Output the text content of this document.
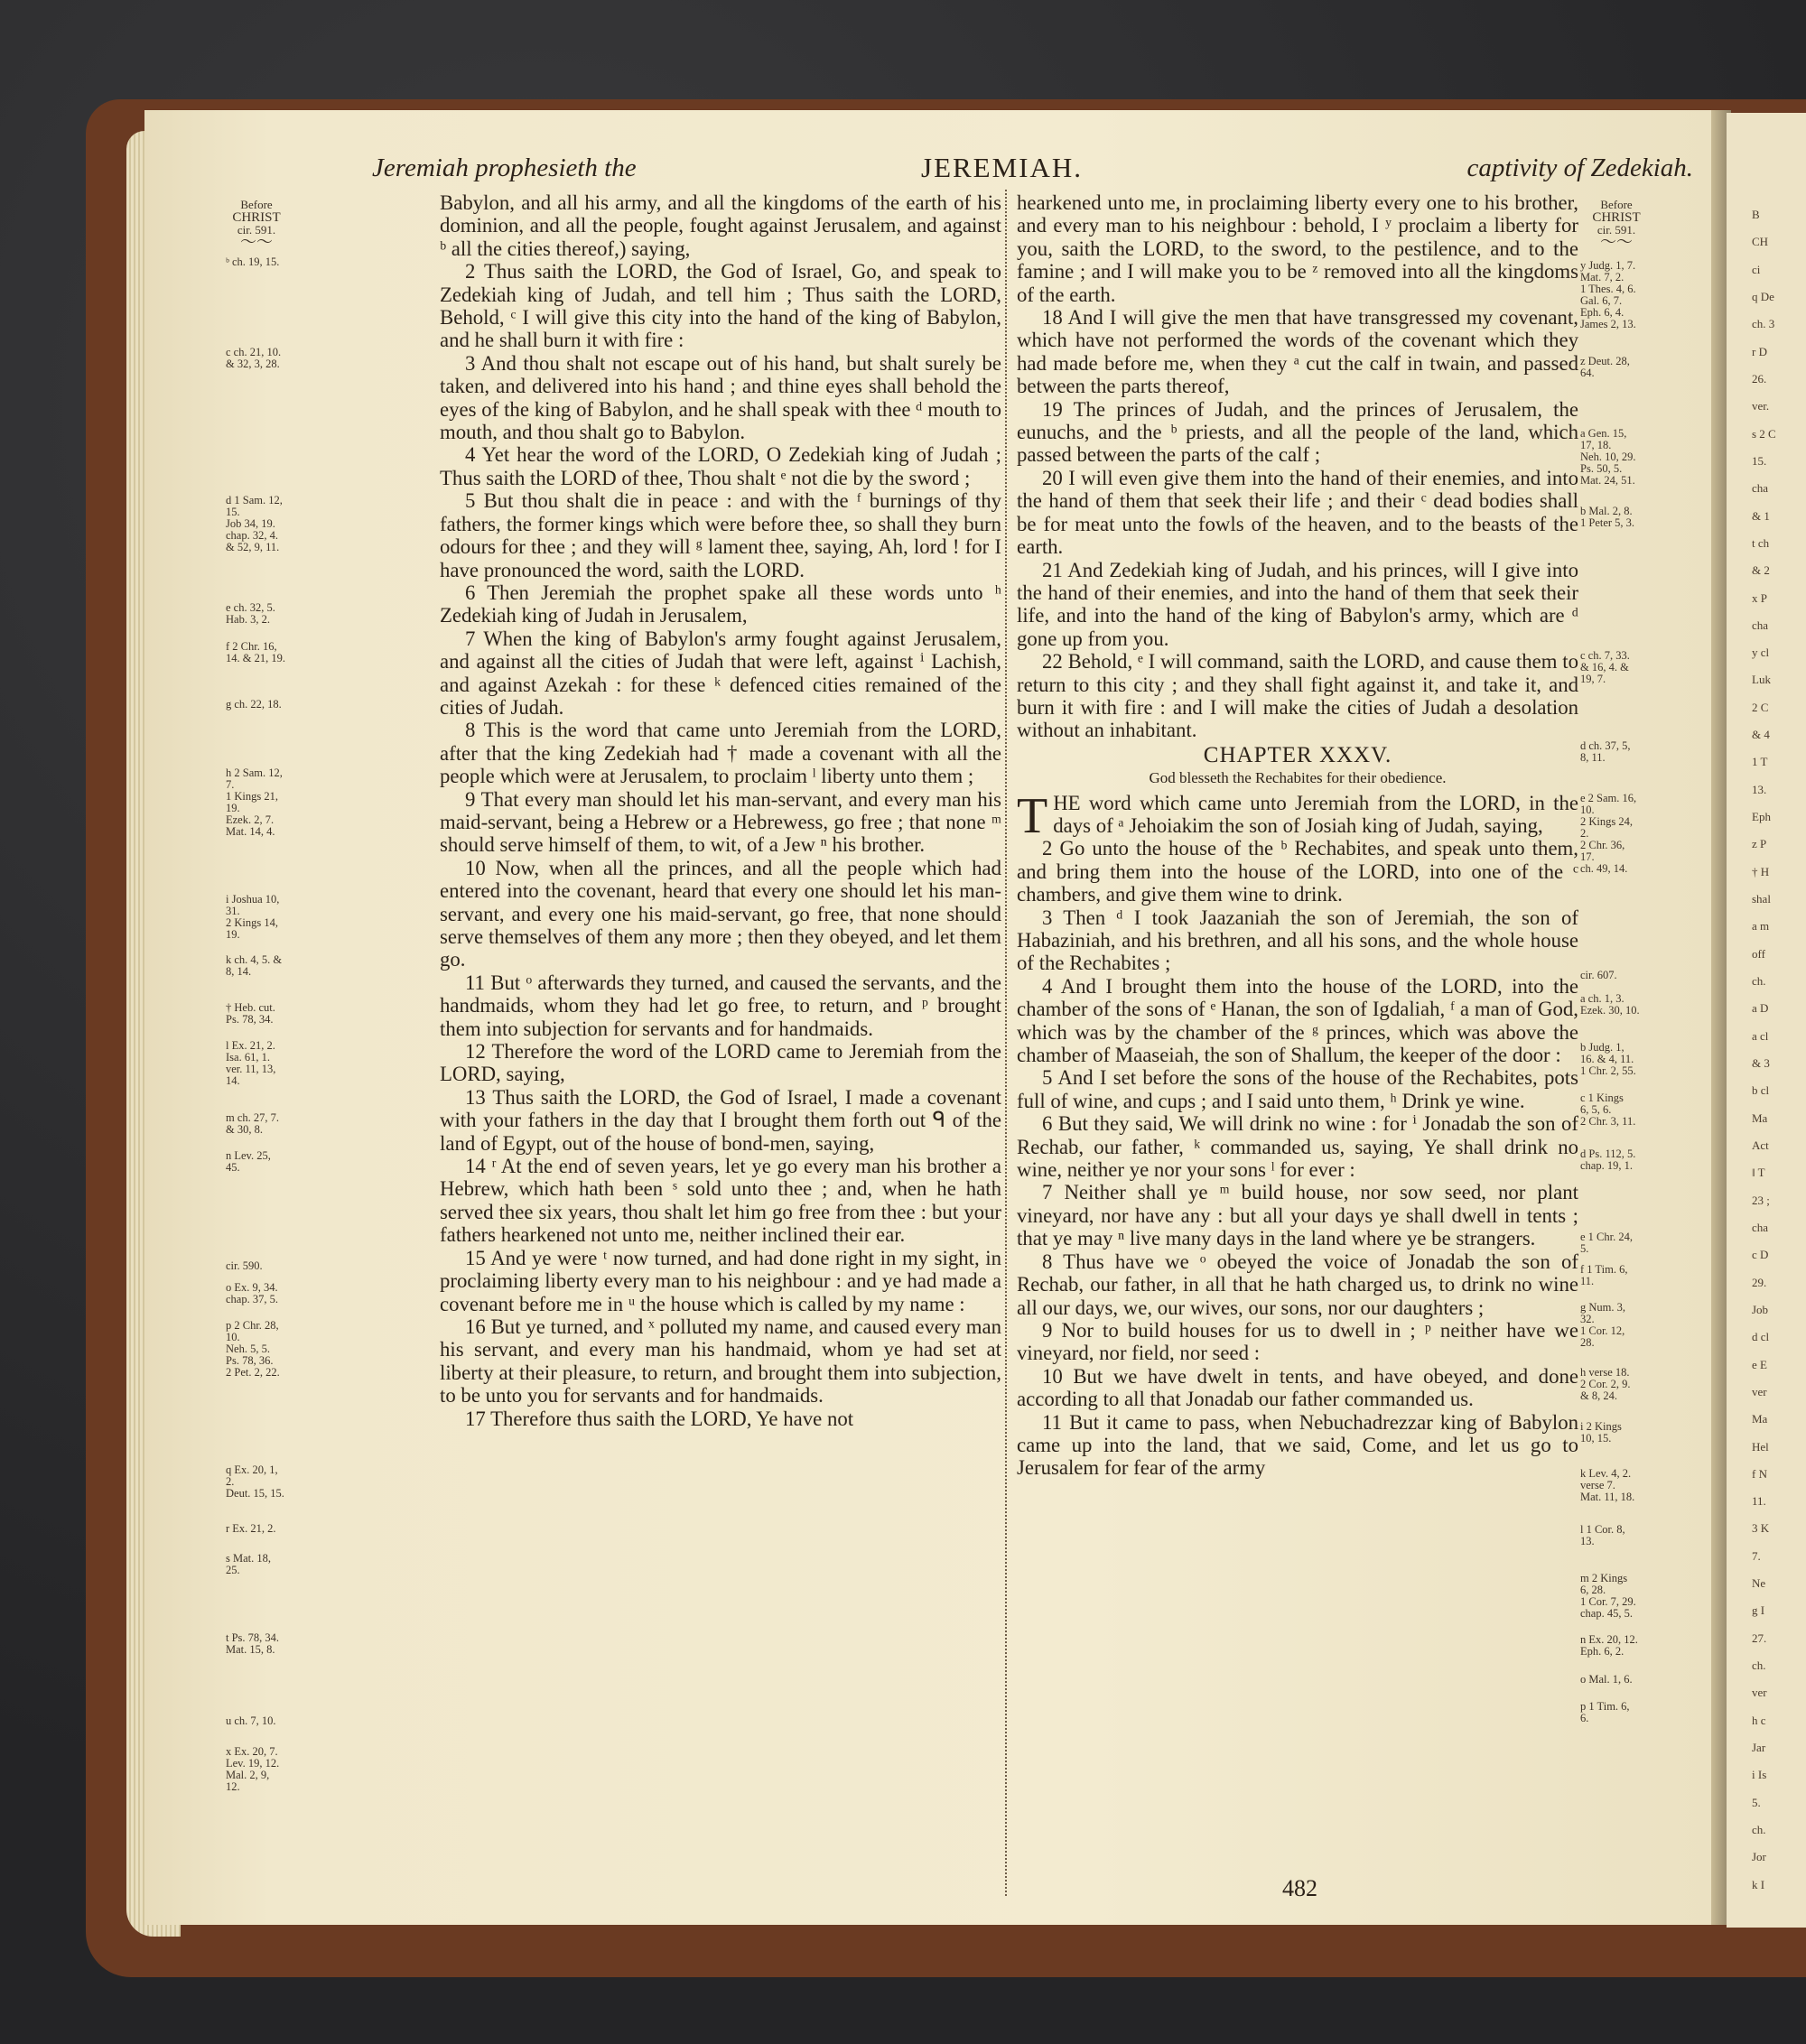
Jeremiah prophesieth the	JEREMIAH.	captivity of Zedekiah.
Before
CHRIST
cir. 591.
〜〜
Before
CHRIST
cir. 591.
〜〜
ᵇ ch. 19, 15.
c ch. 21, 10.
& 32, 3, 28.
d 1 Sam. 12,
15.
Job 34, 19.
chap. 32, 4.
& 52, 9, 11.
e ch. 32, 5.
Hab. 3, 2.
f 2 Chr. 16,
14. & 21, 19.
g ch. 22, 18.
h 2 Sam. 12,
7.
1 Kings 21,
19.
Ezek. 2, 7.
Mat. 14, 4.
i Joshua 10,
31.
2 Kings 14,
19.
k ch. 4, 5. &
8, 14.
† Heb. cut.
Ps. 78, 34.
l Ex. 21, 2.
Isa. 61, 1.
ver. 11, 13,
14.
m ch. 27, 7.
& 30, 8.
n Lev. 25,
45.
cir. 590.
o Ex. 9, 34.
chap. 37, 5.
p 2 Chr. 28,
10.
Neh. 5, 5.
Ps. 78, 36.
2 Pet. 2, 22.
q Ex. 20, 1,
2.
Deut. 15, 15.
r Ex. 21, 2.
s Mat. 18,
25.
t Ps. 78, 34.
Mat. 15, 8.
u ch. 7, 10.
x Ex. 20, 7.
Lev. 19, 12.
Mal. 2, 9,
12.

Babylon, and all his army, and all the kingdoms of the earth of his dominion, and all the people, fought against Jerusalem, and against ᵇ all the cities thereof,) saying,

2 Thus saith the LORD, the God of Israel, Go, and speak to Zedekiah king of Judah, and tell him ; Thus saith the LORD, Behold, ᶜ I will give this city into the hand of the king of Babylon, and he shall burn it with fire :

3 And thou shalt not escape out of his hand, but shalt surely be taken, and delivered into his hand ; and thine eyes shall behold the eyes of the king of Babylon, and he shall speak with thee ᵈ mouth to mouth, and thou shalt go to Babylon.

4 Yet hear the word of the LORD, O Zedekiah king of Judah ; Thus saith the LORD of thee, Thou shalt ᵉ not die by the sword ;

5 But thou shalt die in peace : and with the ᶠ burnings of thy fathers, the former kings which were before thee, so shall they burn odours for thee ; and they will ᵍ lament thee, saying, Ah, lord ! for I have pronounced the word, saith the LORD.

6 Then Jeremiah the prophet spake all these words unto ʰ Zedekiah king of Judah in Jerusalem,

7 When the king of Babylon's army fought against Jerusalem, and against all the cities of Judah that were left, against ⁱ Lachish, and against Azekah : for these ᵏ defenced cities remained of the cities of Judah.

8 This is the word that came unto Jeremiah from the LORD, after that the king Zedekiah had † made a covenant with all the people which were at Jerusalem, to proclaim ˡ liberty unto them ;

9 That every man should let his man-servant, and every man his maid-servant, being a Hebrew or a Hebrewess, go free ; that none ᵐ should serve himself of them, to wit, of a Jew ⁿ his brother.

10 Now, when all the princes, and all the people which had entered into the covenant, heard that every one should let his man-servant, and every one his maid-servant, go free, that none should serve themselves of them any more ; then they obeyed, and let them go.

11 But ᵒ afterwards they turned, and caused the servants, and the handmaids, whom they had let go free, to return, and ᵖ brought them into subjection for servants and for handmaids.

12 Therefore the word of the LORD came to Jeremiah from the LORD, saying,

13 Thus saith the LORD, the God of Israel, I made a covenant with your fathers in the day that I brought them forth out ᑫ of the land of Egypt, out of the house of bond-men, saying,

14 ʳ At the end of seven years, let ye go every man his brother a Hebrew, which hath been ˢ sold unto thee ; and, when he hath served thee six years, thou shalt let him go free from thee : but your fathers hearkened not unto me, neither inclined their ear.

15 And ye were ᵗ now turned, and had done right in my sight, in proclaiming liberty every man to his neighbour : and ye had made a covenant before me in ᵘ the house which is called by my name :

16 But ye turned, and ˣ polluted my name, and caused every man his servant, and every man his handmaid, whom ye had set at liberty at their pleasure, to return, and brought them into subjection, to be unto you for servants and for handmaids.

17 Therefore thus saith the LORD, Ye have not

hearkened unto me, in proclaiming liberty every one to his brother, and every man to his neighbour : behold, I ʸ proclaim a liberty for you, saith the LORD, to the sword, to the pestilence, and to the famine ; and I will make you to be ᶻ removed into all the kingdoms of the earth.

18 And I will give the men that have transgressed my covenant, which have not performed the words of the covenant which they had made before me, when they ᵃ cut the calf in twain, and passed between the parts thereof,

19 The princes of Judah, and the princes of Jerusalem, the eunuchs, and the ᵇ priests, and all the people of the land, which passed between the parts of the calf ;

20 I will even give them into the hand of their enemies, and into the hand of them that seek their life ; and their ᶜ dead bodies shall be for meat unto the fowls of the heaven, and to the beasts of the earth.

21 And Zedekiah king of Judah, and his princes, will I give into the hand of their enemies, and into the hand of them that seek their life, and into the hand of the king of Babylon's army, which are ᵈ gone up from you.

22 Behold, ᵉ I will command, saith the LORD, and cause them to return to this city ; and they shall fight against it, and take it, and burn it with fire : and I will make the cities of Judah a desolation without an inhabitant.

CHAPTER XXXV.
God blesseth the Rechabites for their obedience.

THE word which came unto Jeremiah from the LORD, in the days of ᵃ Jehoiakim the son of Josiah king of Judah, saying,

2 Go unto the house of the ᵇ Rechabites, and speak unto them, and bring them into the house of the LORD, into one of the ᶜ chambers, and give them wine to drink.

3 Then ᵈ I took Jaazaniah the son of Jeremiah, the son of Habaziniah, and his brethren, and all his sons, and the whole house of the Rechabites ;

4 And I brought them into the house of the LORD, into the chamber of the sons of ᵉ Hanan, the son of Igdaliah, ᶠ a man of God, which was by the chamber of the ᵍ princes, which was above the chamber of Maaseiah, the son of Shallum, the keeper of the door :

5 And I set before the sons of the house of the Rechabites, pots full of wine, and cups ; and I said unto them, ʰ Drink ye wine.

6 But they said, We will drink no wine : for ⁱ Jonadab the son of Rechab, our father, ᵏ commanded us, saying, Ye shall drink no wine, neither ye nor your sons ˡ for ever :

7 Neither shall ye ᵐ build house, nor sow seed, nor plant vineyard, nor have any : but all your days ye shall dwell in tents ; that ye may ⁿ live many days in the land where ye be strangers.

8 Thus have we ᵒ obeyed the voice of Jonadab the son of Rechab, our father, in all that he hath charged us, to drink no wine all our days, we, our wives, our sons, nor our daughters ;

9 Nor to build houses for us to dwell in ; ᵖ neither have we vineyard, nor field, nor seed :

10 But we have dwelt in tents, and have obeyed, and done according to all that Jonadab our father commanded us.

11 But it came to pass, when Nebuchadrezzar king of Babylon came up into the land, that we said, Come, and let us go to Jerusalem for fear of the army

y Judg. 1, 7.
Mat. 7, 2.
1 Thes. 4, 6.
Gal. 6, 7.
Eph. 6, 4.
James 2, 13.
z Deut. 28,
64.
a Gen. 15,
17, 18.
Neh. 10, 29.
Ps. 50, 5.
Mat. 24, 51.
b Mal. 2, 8.
1 Peter 5, 3.
c ch. 7, 33.
& 16, 4. &
19, 7.
d ch. 37, 5,
8, 11.
e 2 Sam. 16,
10.
2 Kings 24,
2.
2 Chr. 36,
17.
ch. 49, 14.
cir. 607.
a ch. 1, 3.
Ezek. 30, 10.
b Judg. 1,
16. & 4, 11.
1 Chr. 2, 55.
c 1 Kings
6, 5, 6.
2 Chr. 3, 11.
d Ps. 112, 5.
chap. 19, 1.
e 1 Chr. 24,
5.
f 1 Tim. 6,
11.
g Num. 3,
32.
1 Cor. 12,
28.
h verse 18.
2 Cor. 2, 9.
& 8, 24.
i 2 Kings
10, 15.
k Lev. 4, 2.
verse 7.
Mat. 11, 18.
l 1 Cor. 8,
13.
m 2 Kings
6, 28.
1 Cor. 7, 29.
chap. 45, 5.
n Ex. 20, 12.
Eph. 6, 2.
o Mal. 1, 6.
p 1 Tim. 6,
6.
482
B
CH
ci
q De
ch. 3
r D
26.
ver.
s 2 C
15.
cha
& 1
t ch
& 2
x P
cha
y cl
Luk
2 C
& 4
1 T
13.
Eph
z P
† H
shal
a m
off
ch.
a D
a cl
& 3
b cl
Ma
Act
‖ T
23 ;
cha
c D
29.
Job
d cl
e E
ver
Ma
Hel
f N
11.
3 K
7.
Ne
g I
27.
ch.
ver
h c
Jar
i Is
5.
ch.
Jor
k I
